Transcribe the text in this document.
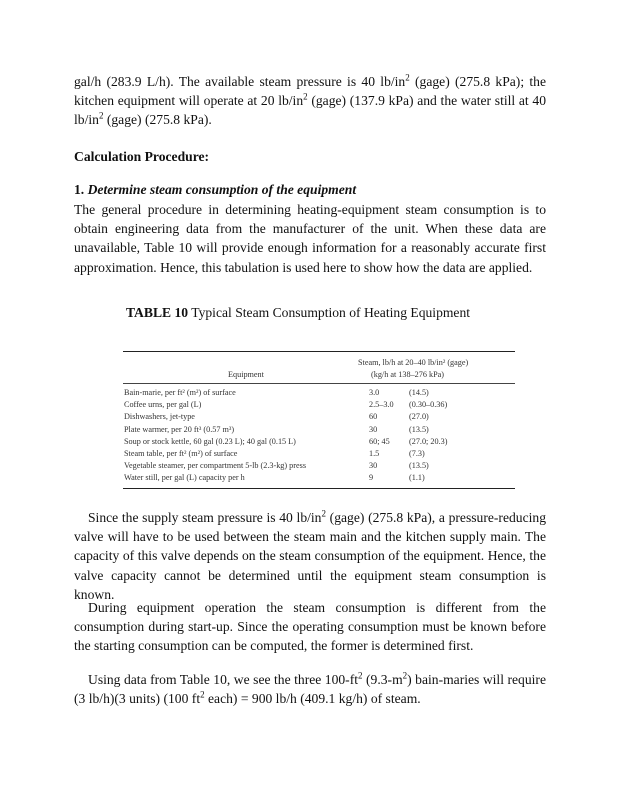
gal/h (283.9 L/h). The available steam pressure is 40 $lb/in^2$ (gage) (275.8 kPa); the kitchen equipment will operate at 20 $lb/in^2$ (gage) (137.9 kPa) and the water still at 40 $lb/in^2$ (gage) (275.8 kPa).

Calculation Procedure:

1. Determine steam consumption of the equipment

The general procedure in determining heating-equipment steam consumption is to obtain engineering data from the manufacturer of the unit. When these data are unavailable, Table 10 will provide enough information for a reasonably accurate first approximation. Hence, this tabulation is used here to show how the data are applied.

TABLE 10 Typical Steam Consumption of Heating Equipment

Steam, lb/h at 20–40 lb/in² (gage)
Equipment	(kg/h at 138–276 kPa)
Bain-marie, per ft² (m²) of surface	3.0	(14.5)
Coffee urns, per gal (L)	2.5–3.0 (0.30–0.36)
Dishwashers, jet-type	60	(27.0)
Plate warmer, per 20 ft³ (0.57 m³)	30	(13.5)
Soup or stock kettle, 60 gal (0.23 L); 40 gal (0.15 L)	60; 45 (27.0; 20.3)
Steam table, per ft² (m²) of surface	1.5	(7.3)
Vegetable steamer, per compartment 5-lb (2.3-kg) press	30	(13.5)
Water still, per gal (L) capacity per h	9	(1.1)

Since the supply steam pressure is 40 $lb/in^2$ (gage) (275.8 kPa), a pressure-reducing valve will have to be used between the steam main and the kitchen supply main. The capacity of this valve depends on the steam consumption of the equipment. Hence, the valve capacity cannot be determined until the equipment steam consumption is known.

During equipment operation the steam consumption is different from the consumption during start-up. Since the operating consumption must be known before the starting consumption can be computed, the former is determined first.

Using data from Table 10, we see the three $100-ft^2$ $(9.3-m^2)$ bain-maries will require (3 lb/h)(3 units) (100 $ft^2$ each) = 900 lb/h (409.1 kg/h) of steam.
